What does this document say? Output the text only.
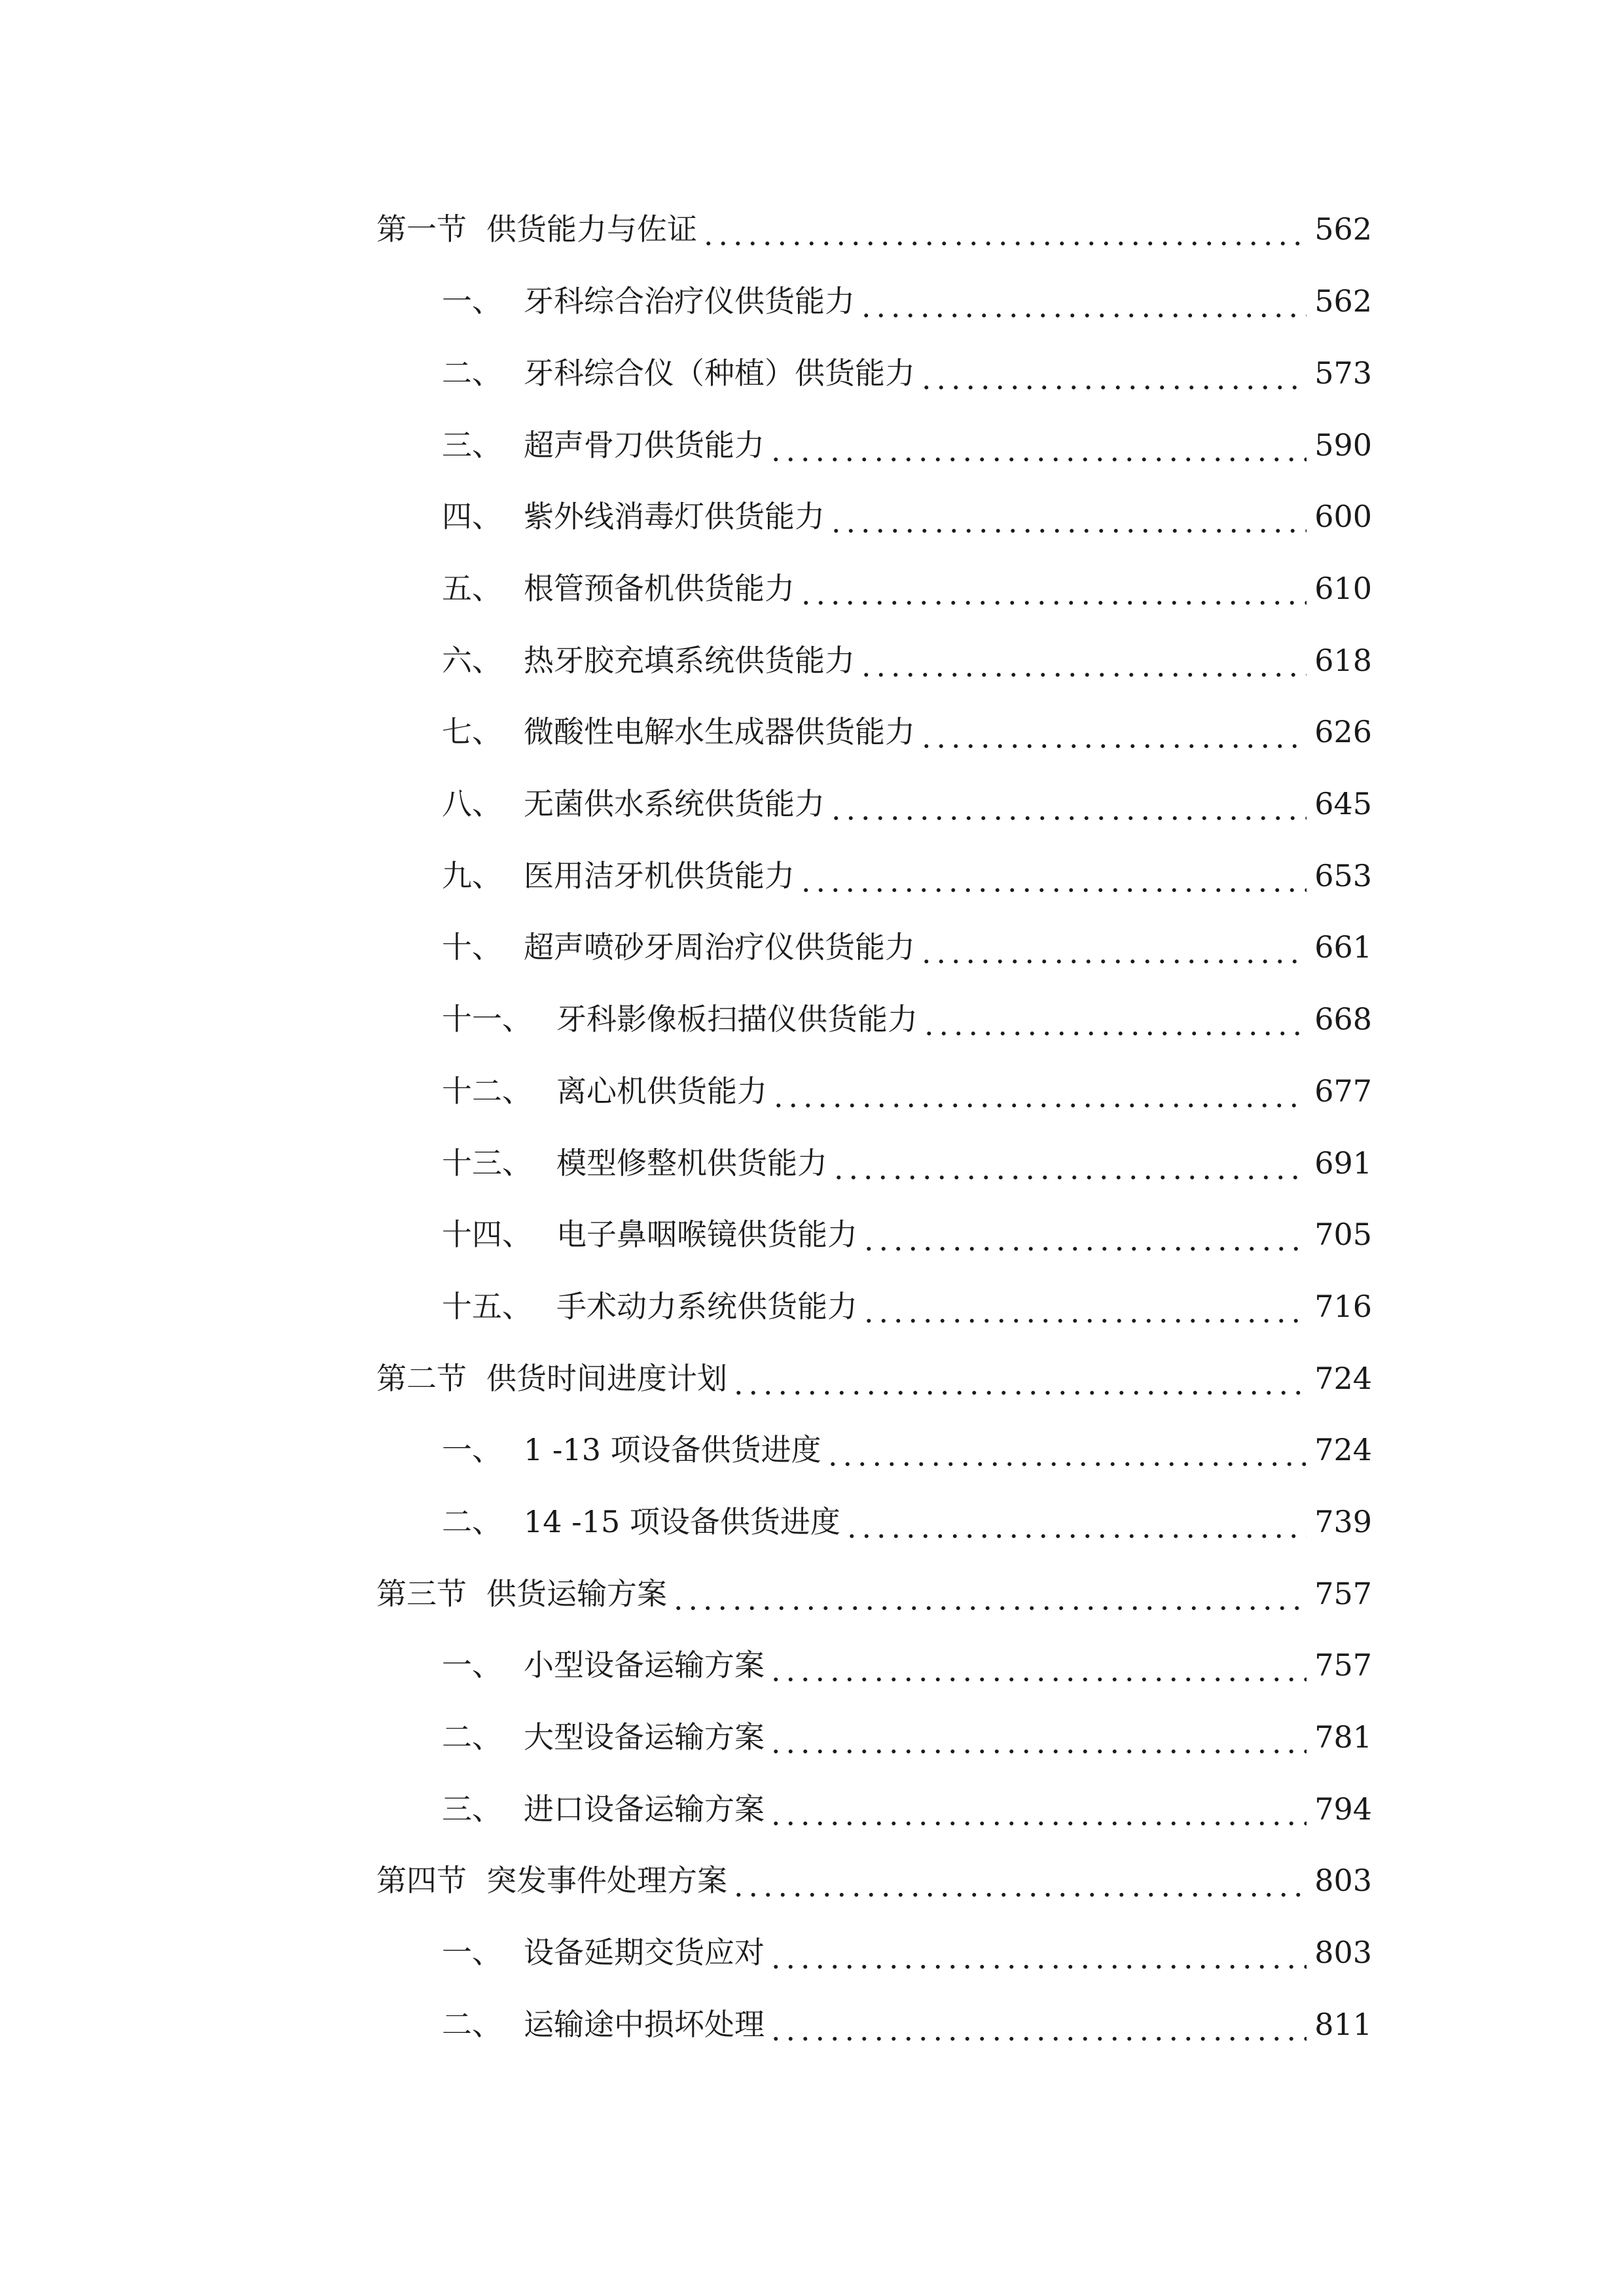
第一节 供货能力与佐证	562
一、 牙科综合治疗仪供货能力	562
二、 牙科综合仪（种植）供货能力	573
三、 超声骨刀供货能力	590
四、 紫外线消毒灯供货能力	600
五、 根管预备机供货能力	610
六、 热牙胶充填系统供货能力	618
七、 微酸性电解水生成器供货能力	626
八、 无菌供水系统供货能力	645
九、 医用洁牙机供货能力	653
十、 超声喷砂牙周治疗仪供货能力	661
十一、 牙科影像板扫描仪供货能力	668
十二、 离心机供货能力	677
十三、 模型修整机供货能力	691
十四、 电子鼻咽喉镜供货能力	705
十五、 手术动力系统供货能力	716
第二节 供货时间进度计划	724
一、 1 -13 项设备供货进度	724
二、 14 -15 项设备供货进度	739
第三节 供货运输方案	757
一、 小型设备运输方案	757
二、 大型设备运输方案	781
三、 进口设备运输方案	794
第四节 突发事件处理方案	803
一、 设备延期交货应对	803
二、 运输途中损坏处理	811
